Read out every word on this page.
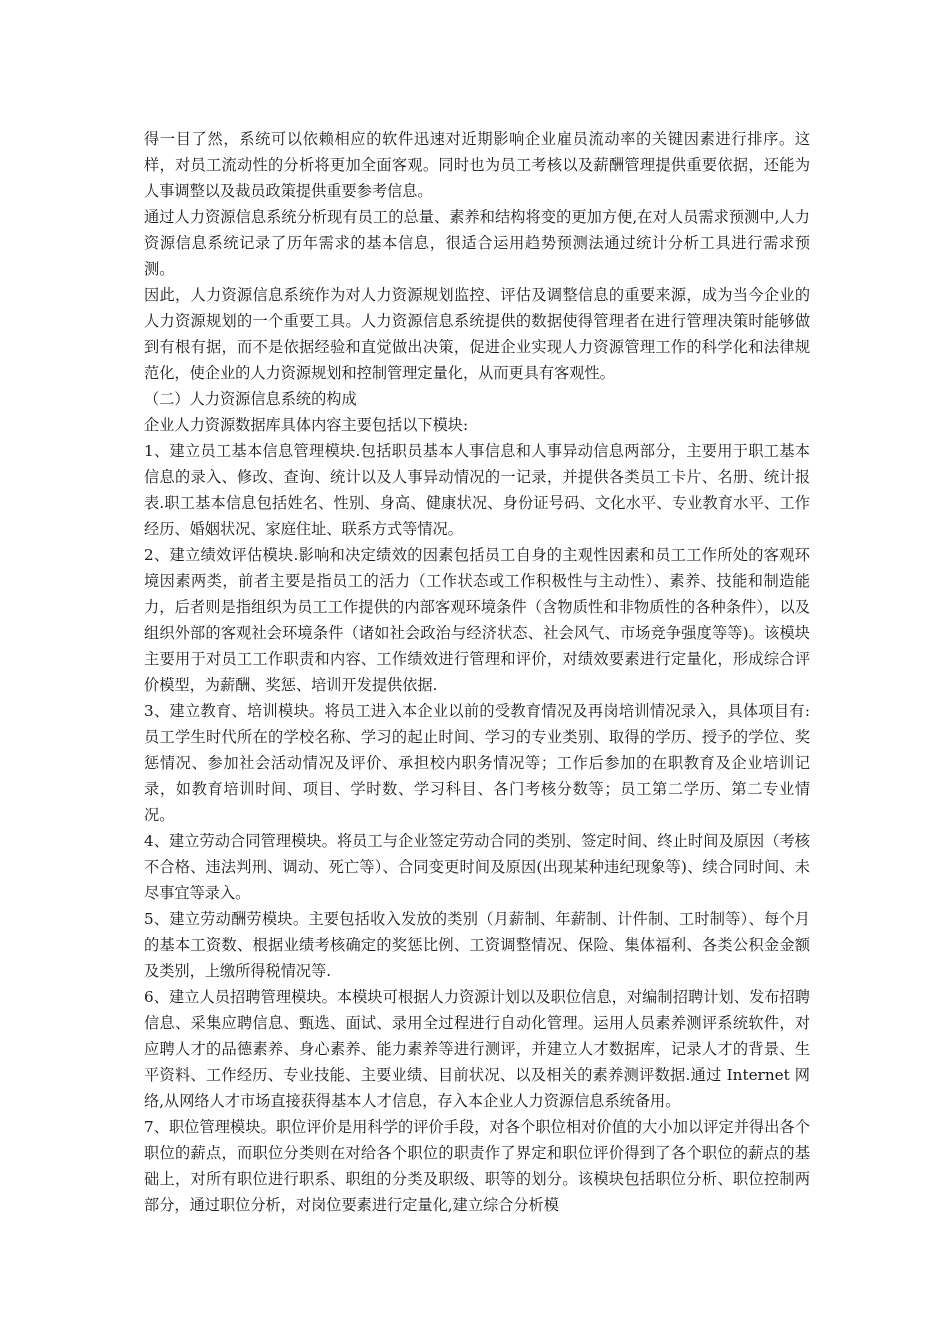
得一目了然，系统可以依赖相应的软件迅速对近期影响企业雇员流动率的关键因素进行排序。这样，对员工流动性的分析将更加全面客观。同时也为员工考核以及薪酬管理提供重要依据，还能为人事调整以及裁员政策提供重要参考信息。

通过人力资源信息系统分析现有员工的总量、素养和结构将变的更加方便,在对人员需求预测中,人力资源信息系统记录了历年需求的基本信息，很适合运用趋势预测法通过统计分析工具进行需求预测。

因此，人力资源信息系统作为对人力资源规划监控、评估及调整信息的重要来源，成为当今企业的人力资源规划的一个重要工具。人力资源信息系统提供的数据使得管理者在进行管理决策时能够做到有根有据，而不是依据经验和直觉做出决策，促进企业实现人力资源管理工作的科学化和法律规范化，使企业的人力资源规划和控制管理定量化，从而更具有客观性。

（二）人力资源信息系统的构成

企业人力资源数据库具体内容主要包括以下模块:

1、建立员工基本信息管理模块.包括职员基本人事信息和人事异动信息两部分，主要用于职工基本信息的录入、修改、查询、统计以及人事异动情况的一记录，并提供各类员工卡片、名册、统计报表.职工基本信息包括姓名、性别、身高、健康状况、身份证号码、文化水平、专业教育水平、工作经历、婚姻状况、家庭住址、联系方式等情况。

2、建立绩效评估模块.影响和决定绩效的因素包括员工自身的主观性因素和员工工作所处的客观环境因素两类，前者主要是指员工的活力（工作状态或工作积极性与主动性）、素养、技能和制造能力，后者则是指组织为员工工作提供的内部客观环境条件（含物质性和非物质性的各种条件），以及组织外部的客观社会环境条件（诸如社会政治与经济状态、社会风气、市场竞争强度等等)。该模块主要用于对员工工作职责和内容、工作绩效进行管理和评价，对绩效要素进行定量化，形成综合评价模型，为薪酬、奖惩、培训开发提供依据.

3、建立教育、培训模块。将员工进入本企业以前的受教育情况及再岗培训情况录入，具体项目有:员工学生时代所在的学校名称、学习的起止时间、学习的专业类别、取得的学历、授予的学位、奖惩情况、参加社会活动情况及评价、承担校内职务情况等；工作后参加的在职教育及企业培训记录，如教育培训时间、项目、学时数、学习科目、各门考核分数等；员工第二学历、第二专业情况。

4、建立劳动合同管理模块。将员工与企业签定劳动合同的类别、签定时间、终止时间及原因（考核不合格、违法判刑、调动、死亡等）、合同变更时间及原因(出现某种违纪现象等)、续合同时间、未尽事宜等录入。

5、建立劳动酬劳模块。主要包括收入发放的类别（月薪制、年薪制、计件制、工时制等）、每个月的基本工资数、根据业绩考核确定的奖惩比例、工资调整情况、保险、集体福利、各类公积金金额及类别，上缴所得税情况等.

6、建立人员招聘管理模块。本模块可根据人力资源计划以及职位信息，对编制招聘计划、发布招聘信息、采集应聘信息、甄选、面试、录用全过程进行自动化管理。运用人员素养测评系统软件，对应聘人才的品德素养、身心素养、能力素养等进行测评，并建立人才数据库，记录人才的背景、生平资料、工作经历、专业技能、主要业绩、目前状况、以及相关的素养测评数据.通过 Internet 网络,从网络人才市场直接获得基本人才信息，存入本企业人力资源信息系统备用。

7、职位管理模块。职位评价是用科学的评价手段，对各个职位相对价值的大小加以评定并得出各个职位的薪点，而职位分类则在对给各个职位的职责作了界定和职位评价得到了各个职位的薪点的基础上，对所有职位进行职系、职组的分类及职级、职等的划分。该模块包括职位分析、职位控制两部分，通过职位分析，对岗位要素进行定量化,建立综合分析模
